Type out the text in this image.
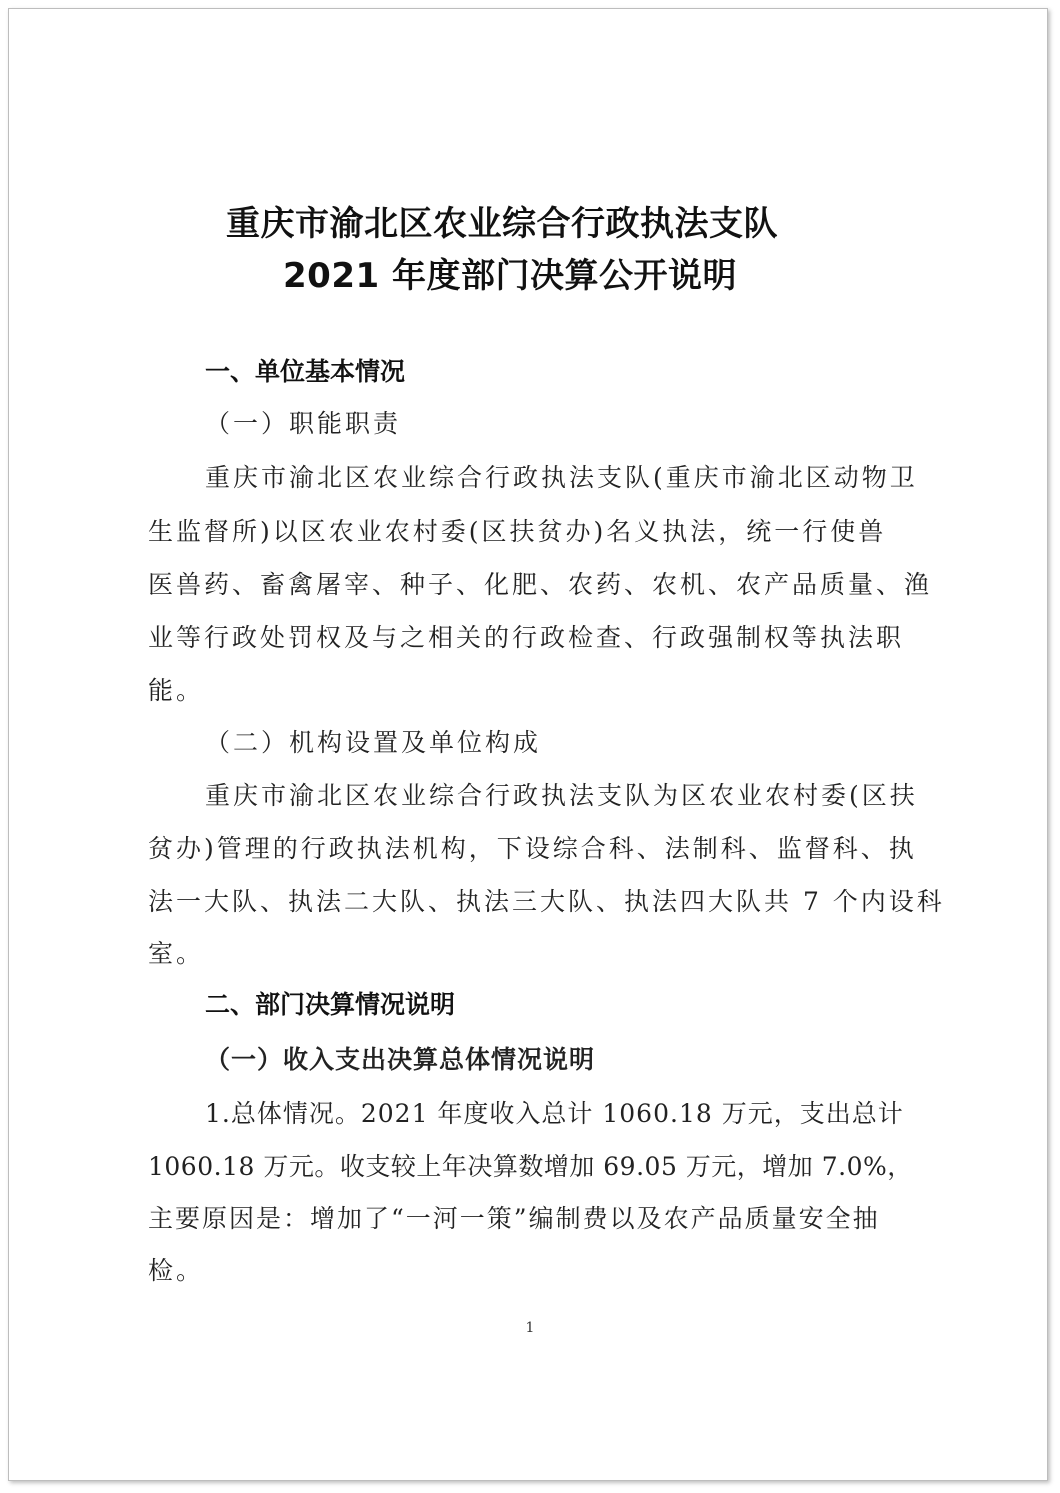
重庆市渝北区农业综合行政执法支队
2021 年度部门决算公开说明
一、单位基本情况
（一）职能职责
重庆市渝北区农业综合行政执法支队(重庆市渝北区动物卫
生监督所)以区农业农村委(区扶贫办)名义执法，统一行使兽
医兽药、畜禽屠宰、种子、化肥、农药、农机、农产品质量、渔
业等行政处罚权及与之相关的行政检查、行政强制权等执法职
能。
（二）机构设置及单位构成
重庆市渝北区农业综合行政执法支队为区农业农村委(区扶
贫办)管理的行政执法机构，下设综合科、法制科、监督科、执
法一大队、执法二大队、执法三大队、执法四大队共 7 个内设科
室。
二、部门决算情况说明
（一）收入支出决算总体情况说明
1.总体情况。2021 年度收入总计 1060.18 万元，支出总计
1060.18 万元。收支较上年决算数增加 69.05 万元，增加 7.0%，
主要原因是：增加了“一河一策”编制费以及农产品质量安全抽
检。
1
